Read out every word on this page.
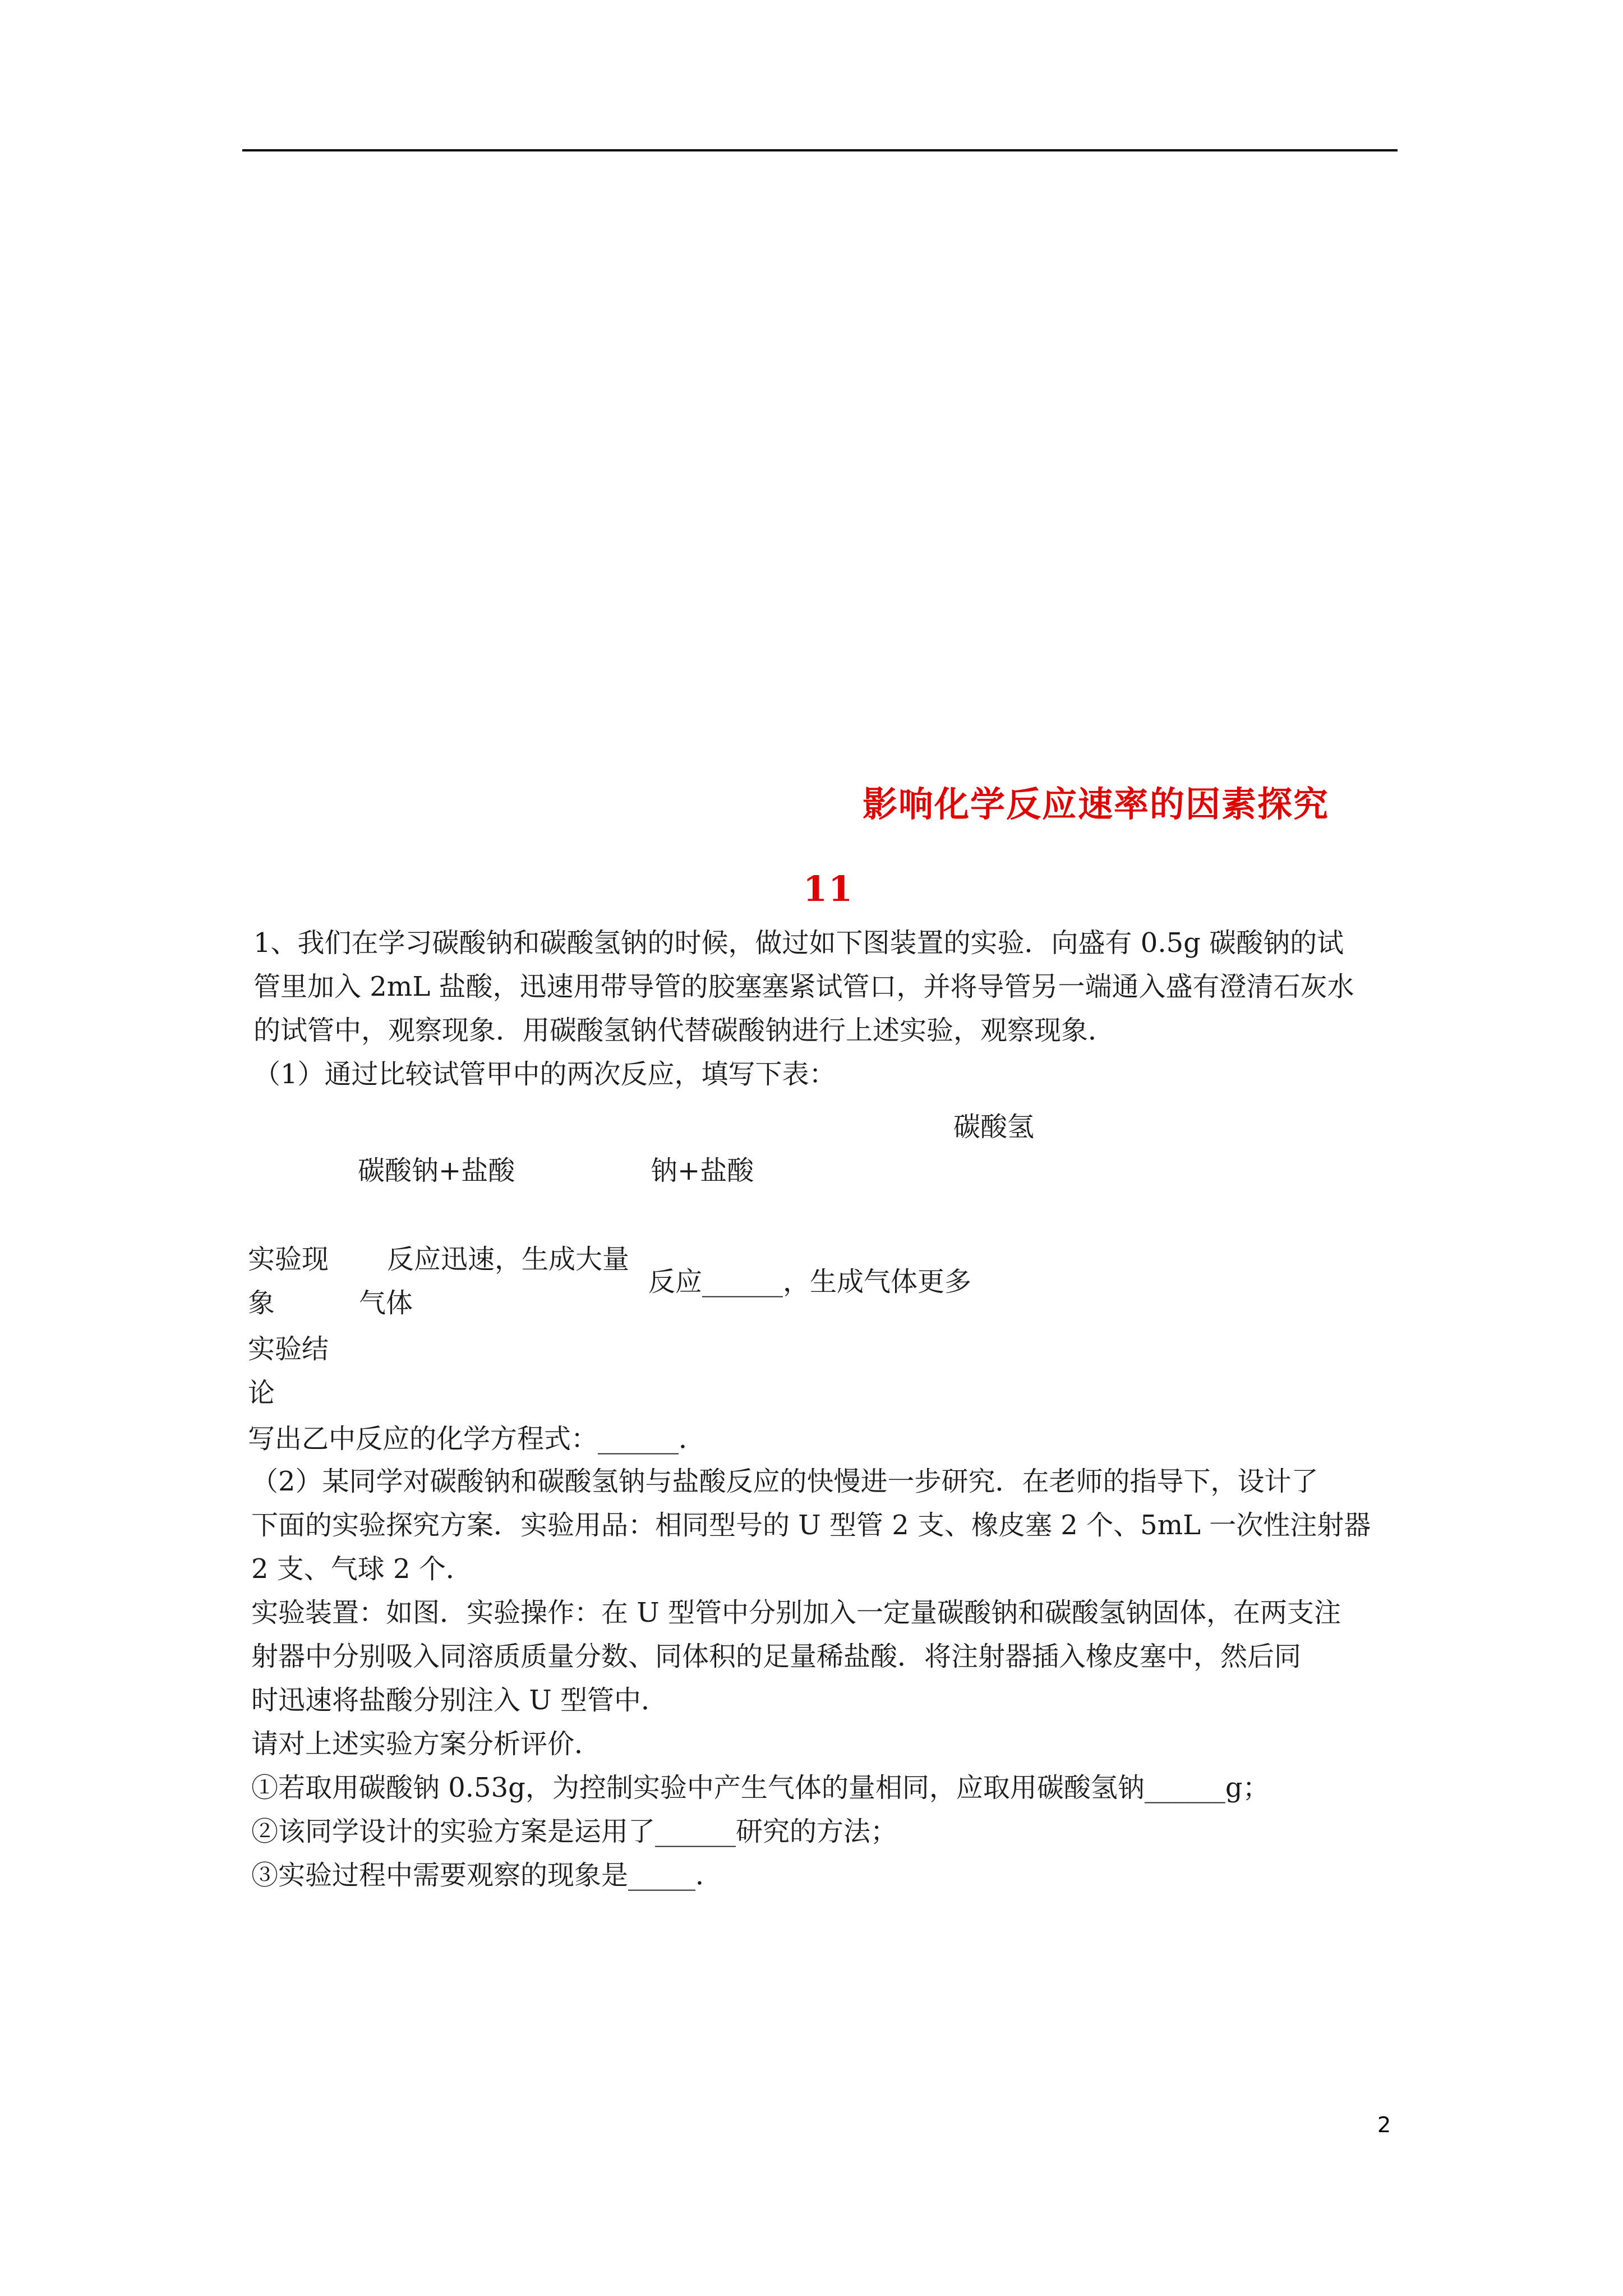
影响化学反应速率的因素探究
11
1、我们在学习碳酸钠和碳酸氢钠的时候，做过如下图装置的实验．向盛有 0.5g 碳酸钠的试
管里加入 2mL 盐酸，迅速用带导管的胶塞塞紧试管口，并将导管另一端通入盛有澄清石灰水
的试管中，观察现象．用碳酸氢钠代替碳酸钠进行上述实验，观察现象．
（1）通过比较试管甲中的两次反应，填写下表：
碳酸氢
碳酸钠+盐酸	钠+盐酸
实验现
象
反应迅速，生成大量
气体
反应______，生成气体更多
实验结
论
写出乙中反应的化学方程式：______．
（2）某同学对碳酸钠和碳酸氢钠与盐酸反应的快慢进一步研究．在老师的指导下，设计了
下面的实验探究方案．实验用品：相同型号的 U 型管 2 支、橡皮塞 2 个、5mL 一次性注射器
2 支、气球 2 个．
实验装置：如图．实验操作：在 U 型管中分别加入一定量碳酸钠和碳酸氢钠固体，在两支注
射器中分别吸入同溶质质量分数、同体积的足量稀盐酸．将注射器插入橡皮塞中，然后同
时迅速将盐酸分别注入 U 型管中．
请对上述实验方案分析评价．
①若取用碳酸钠 0.53g，为控制实验中产生气体的量相同，应取用碳酸氢钠______g；
②该同学设计的实验方案是运用了______研究的方法；
③实验过程中需要观察的现象是_____．
2
